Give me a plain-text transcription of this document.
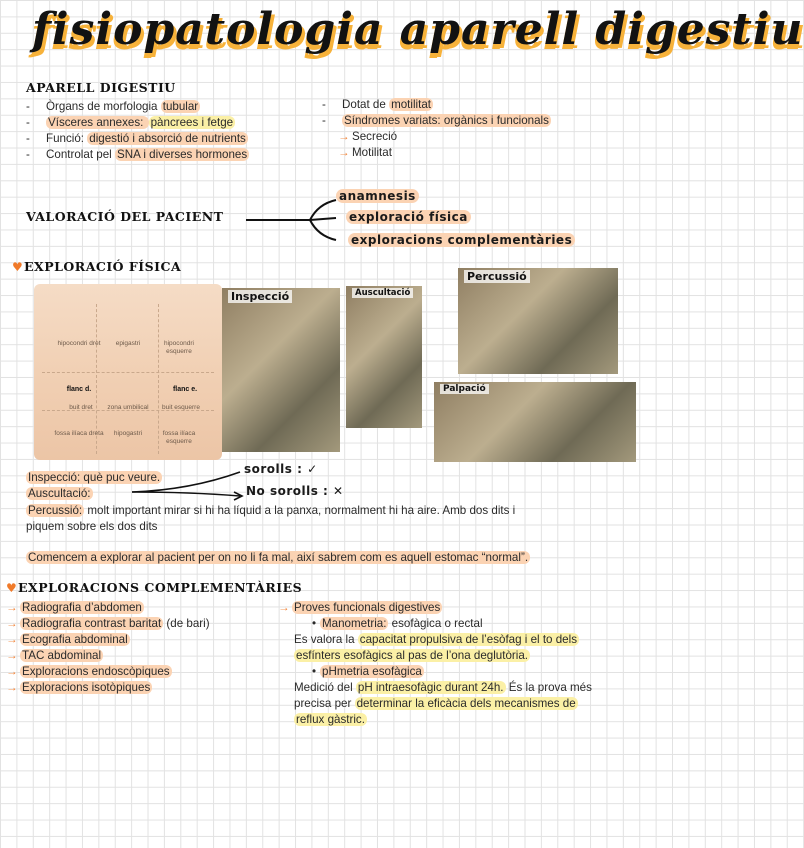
fisiopatologia aparell digestiu
APARELL DIGESTIU
- Òrgans de morfologia tubular
- Vísceres annexes: pàncrees i fetge
- Funció: digestió i absorció de nutrients
- Controlat pel SNA i diverses hormones
- Dotat de motilitat
- Síndromes variats: orgànics i funcionals
→ Secreció
→ Motilitat
VALORACIÓ DEL PACIENT
anamnesis
exploració física
exploracions complementàries
♥EXPLORACIÓ FÍSICA
hipocondri dret	epigastri	hipocondri esquerre
flanc d.
zona umbilical
flanc e.
buit dret	buit esquerre
fossa ilíaca dreta	hipogastri	fossa ilíaca esquerre
Inspecció	Auscultació
Percussió
Palpació
Inspecció: què puc veure.
Auscultació:
sorolls : ✓
No sorolls : ✕
Percussió: molt important mirar si hi ha líquid a la panxa, normalment hi ha aire. Amb dos dits i
piquem sobre els dos dits
Comencem a explorar al pacient per on no li fa mal, així sabrem com es aquell estomac “normal”.
♥EXPLORACIONS COMPLEMENTÀRIES
→ Radiografia d’abdomen
→ Radiografia contrast baritat (de bari)
→ Ecografia abdominal
→ TAC abdominal
→ Exploracions endoscòpiques
→ Exploracions isotòpiques
→ Proves funcionals digestives
• Manometria: esofàgica o rectal
Es valora la capacitat propulsiva de l’esòfag i el to dels
esfínters esofàgics al pas de l’ona deglutòria.
• pHmetria esofàgica
Medició del pH intraesofàgic durant 24h. És la prova més
precisa per determinar la eficàcia dels mecanismes de
reflux gàstric.
